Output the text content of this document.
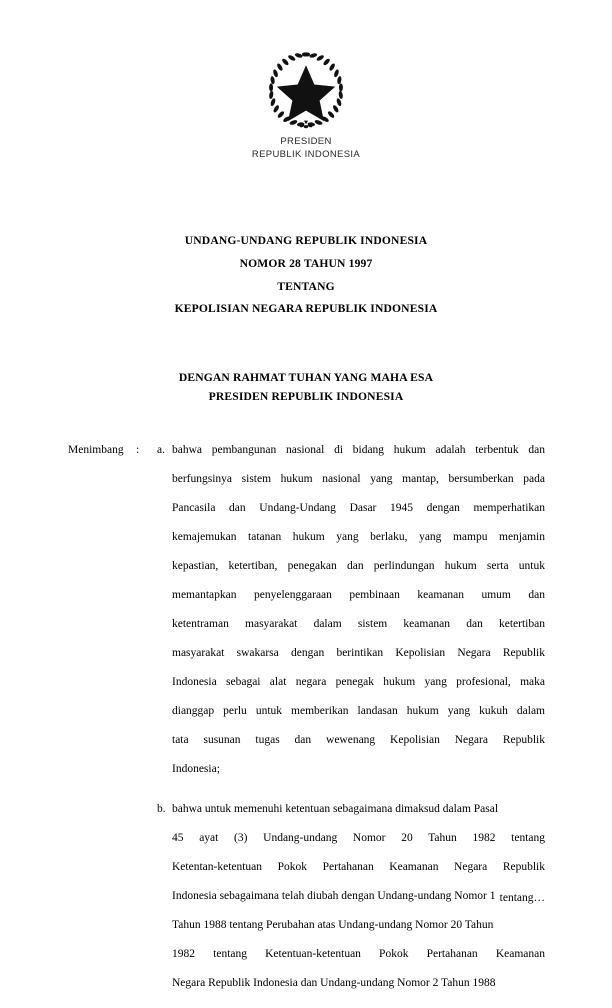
PRESIDEN
REPUBLIK INDONESIA
UNDANG-UNDANG REPUBLIK INDONESIA
NOMOR 28 TAHUN 1997
TENTANG
KEPOLISIAN NEGARA REPUBLIK INDONESIA
DENGAN RAHMAT TUHAN YANG MAHA ESA
PRESIDEN REPUBLIK INDONESIA
Menimbang	: a. bahwa pembangunan nasional di bidang hukum adalah terbentuk dan
berfungsinya sistem hukum nasional yang mantap, bersumberkan pada
Pancasila dan Undang-Undang Dasar 1945 dengan memperhatikan
kemajemukan tatanan hukum yang berlaku, yang mampu menjamin
kepastian, ketertiban, penegakan dan perlindungan hukum serta untuk
memantapkan penyelenggaraan pembinaan keamanan umum dan
ketentraman masyarakat dalam sistem keamanan dan ketertiban
masyarakat swakarsa dengan berintikan Kepolisian Negara Republik
Indonesia sebagai alat negara penegak hukum yang profesional, maka
dianggap perlu untuk memberikan landasan hukum yang kukuh dalam
tata susunan tugas dan wewenang Kepolisian Negara Republik
Indonesia;

b. bahwa untuk memenuhi ketentuan sebagaimana dimaksud dalam Pasal
45 ayat (3) Undang-undang Nomor 20 Tahun 1982 tentang
Ketentan-ketentuan Pokok Pertahanan Keamanan Negara Republik
Indonesia sebagaimana telah diubah dengan Undang-undang Nomor 1
Tahun 1988 tentang Perubahan atas Undang-undang Nomor 20 Tahun
1982 tentang Ketentuan-ketentuan Pokok Pertahanan Keamanan
Negara Republik Indonesia dan Undang-undang Nomor 2 Tahun 1988

tentang…
